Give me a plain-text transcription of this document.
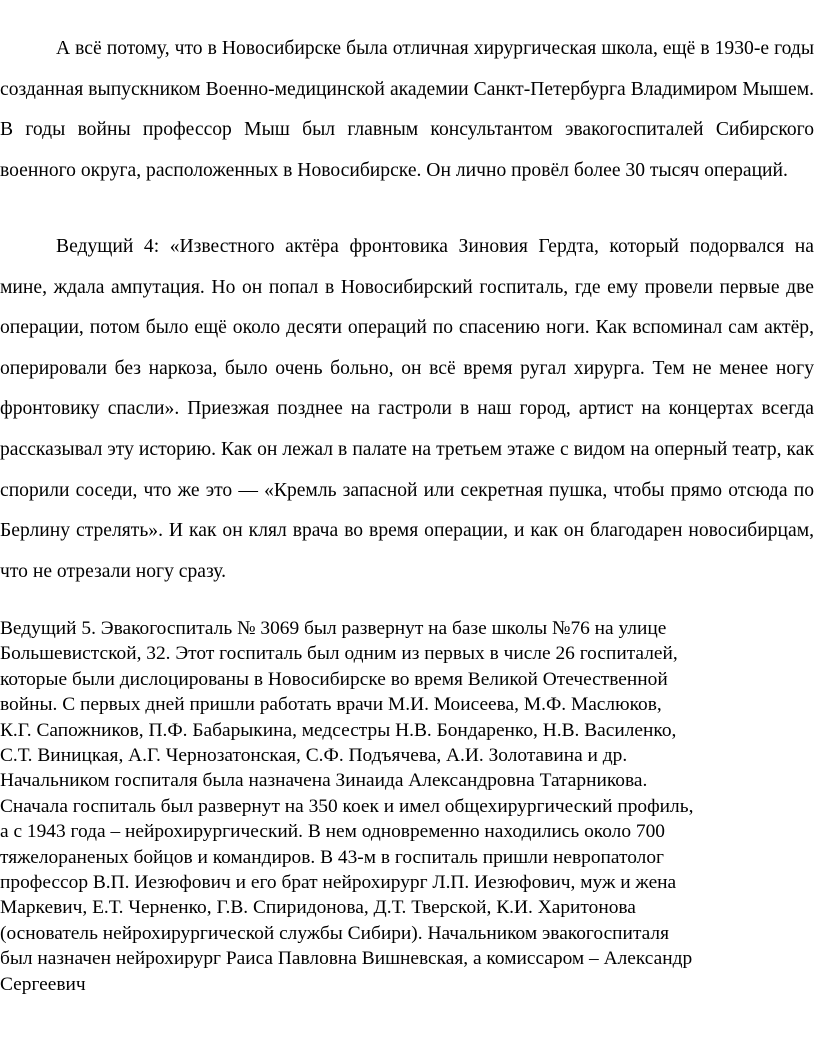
А всё потому, что в Новосибирске была отличная хирургическая школа, ещё в 1930-е годы созданная выпускником Военно-медицинской академии Санкт-Петербурга Владимиром Мышем. В годы войны профессор Мыш был главным консультантом эвакогоспиталей Сибирского военного округа, расположенных в Новосибирске. Он лично провёл более 30 тысяч операций.

Ведущий 4: «Известного актёра фронтовика Зиновия Гердта, который подорвался на мине, ждала ампутация. Но он попал в Новосибирский госпиталь, где ему провели первые две операции, потом было ещё около десяти операций по спасению ноги. Как вспоминал сам актёр, оперировали без наркоза, было очень больно, он всё время ругал хирурга. Тем не менее ногу фронтовику спасли». Приезжая позднее на гастроли в наш город, артист на концертах всегда рассказывал эту историю. Как он лежал в палате на третьем этаже с видом на оперный театр, как спорили соседи, что же это — «Кремль запасной или секретная пушка, чтобы прямо отсюда по Берлину стрелять». И как он клял врача во время операции, и как он благодарен новосибирцам, что не отрезали ногу сразу.

Ведущий 5. Эвакогоспиталь № 3069 был развернут на базе школы №76 на улице
Большевистской, 32. Этот госпиталь был одним из первых в числе 26 госпиталей,
которые были дислоцированы в Новосибирске во время Великой Отечественной
войны. С первых дней пришли работать врачи М.И. Моисеева, М.Ф. Маслюков,
К.Г. Сапожников, П.Ф. Бабарыкина, медсестры Н.В. Бондаренко, Н.В. Василенко,
С.Т. Виницкая, А.Г. Чернозатонская, С.Ф. Подъячева, А.И. Золотавина и др.
Начальником госпиталя была назначена Зинаида Александровна Татарникова.
Сначала госпиталь был развернут на 350 коек и имел общехирургический профиль,
а с 1943 года – нейрохирургический. В нем одновременно находились около 700
тяжелораненых бойцов и командиров. В 43-м в госпиталь пришли невропатолог
профессор В.П. Иезюфович и его брат нейрохирург Л.П. Иезюфович, муж и жена
Маркевич, Е.Т. Черненко, Г.В. Спиридонова, Д.Т. Тверской, К.И. Харитонова
(основатель нейрохирургической службы Сибири). Начальником эвакогоспиталя
был назначен нейрохирург Раиса Павловна Вишневская, а комиссаром – Александр
Сергеевич
